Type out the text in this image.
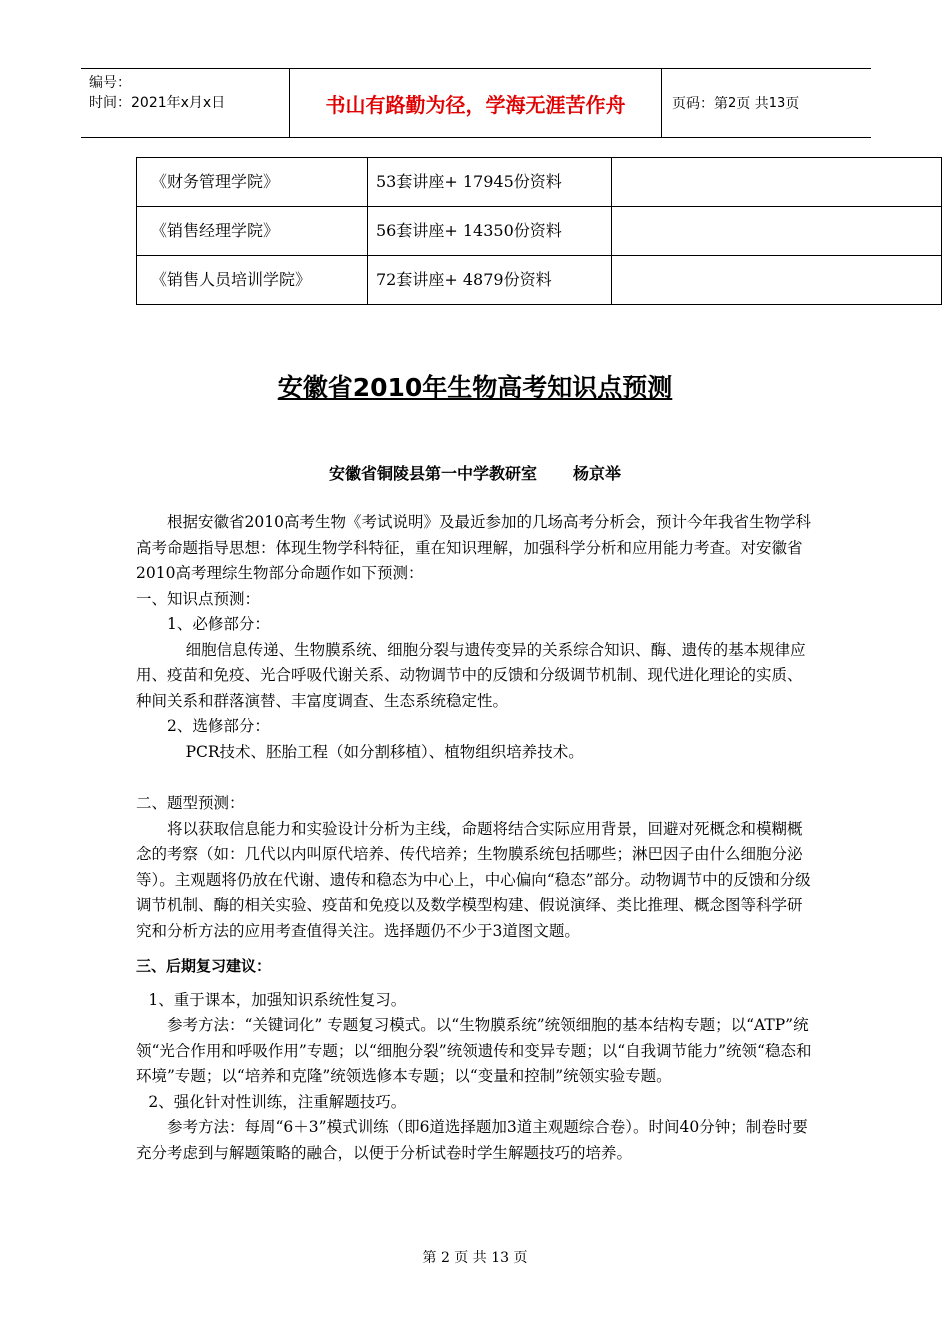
编号：
时间：2021年x月x日	书山有路勤为径，学海无涯苦作舟	页码：第 2 页 共 13 页
《财务管理学院》	53套讲座+ 17945份资料	
《销售经理学院》	56套讲座+ 14350份资料	
《销售人员培训学院》	72套讲座+ 4879份资料	
安徽省2010年生物高考知识点预测
安徽省铜陵县第一中学教研室 杨京举

根据安徽省2010高考生物《考试说明》及最近参加的几场高考分析会，预计今年我省生物学科高考命题指导思想：体现生物学科特征，重在知识理解，加强科学分析和应用能力考查。对安徽省2010高考理综生物部分命题作如下预测：

一、知识点预测：

1、必修部分：

细胞信息传递、生物膜系统、细胞分裂与遗传变异的关系综合知识、酶、遗传的基本规律应用、疫苗和免疫、光合呼吸代谢关系、动物调节中的反馈和分级调节机制、现代进化理论的实质、种间关系和群落演替、丰富度调查、生态系统稳定性。

2、选修部分：

PCR技术、胚胎工程（如分割移植）、植物组织培养技术。

二、题型预测：

将以获取信息能力和实验设计分析为主线，命题将结合实际应用背景，回避对死概念和模糊概念的考察（如：几代以内叫原代培养、传代培养；生物膜系统包括哪些；淋巴因子由什么细胞分泌等）。主观题将仍放在代谢、遗传和稳态为中心上，中心偏向“稳态”部分。动物调节中的反馈和分级调节机制、酶的相关实验、疫苗和免疫以及数学模型构建、假说演绎、类比推理、概念图等科学研究和分析方法的应用考查值得关注。选择题仍不少于3道图文题。

三、后期复习建议：

1、重于课本，加强知识系统性复习。

参考方法：“关键词化” 专题复习模式。以“生物膜系统”统领细胞的基本结构专题；以“ATP”统领“光合作用和呼吸作用”专题；以“细胞分裂”统领遗传和变异专题；以“自我调节能力”统领“稳态和环境”专题；以“培养和克隆”统领选修本专题；以“变量和控制”统领实验专题。

2、强化针对性训练，注重解题技巧。

参考方法：每周“6＋3”模式训练（即6道选择题加3道主观题综合卷）。时间40分钟；制卷时要充分考虑到与解题策略的融合，以便于分析试卷时学生解题技巧的培养。

第 2 页 共 13 页
